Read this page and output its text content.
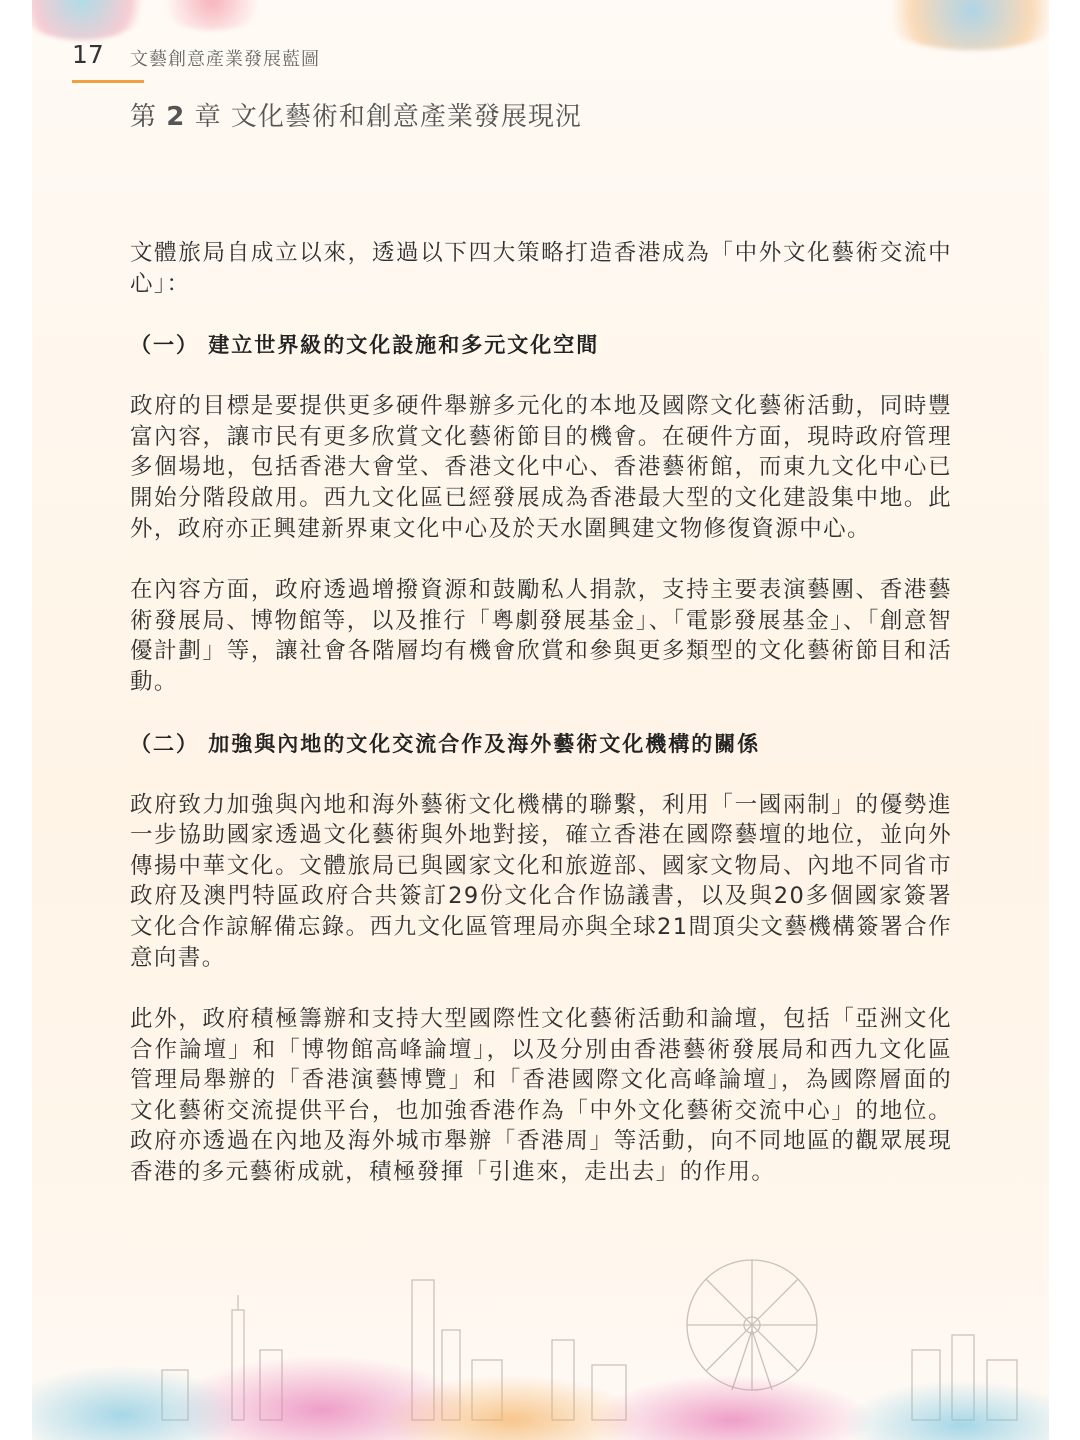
17 文藝創意產業發展藍圖
第 2 章 文化藝術和創意產業發展現況

文體旅局自成立以來，透過以下四大策略打造香港成為「中外文化藝術交流中心」：

（一） 建立世界級的文化設施和多元文化空間

政府的目標是要提供更多硬件舉辦多元化的本地及國際文化藝術活動，同時豐富內容，讓市民有更多欣賞文化藝術節目的機會。在硬件方面，現時政府管理多個場地，包括香港大會堂、香港文化中心、香港藝術館，而東九文化中心已開始分階段啟用。西九文化區已經發展成為香港最大型的文化建設集中地。此外，政府亦正興建新界東文化中心及於天水圍興建文物修復資源中心。

在內容方面，政府透過增撥資源和鼓勵私人捐款，支持主要表演藝團、香港藝術發展局、博物館等，以及推行「粵劇發展基金」、「電影發展基金」、「創意智優計劃」等，讓社會各階層均有機會欣賞和參與更多類型的文化藝術節目和活動。

（二） 加強與內地的文化交流合作及海外藝術文化機構的關係

政府致力加強與內地和海外藝術文化機構的聯繫，利用「一國兩制」的優勢進一步協助國家透過文化藝術與外地對接，確立香港在國際藝壇的地位，並向外傳揚中華文化。文體旅局已與國家文化和旅遊部、國家文物局、內地不同省市政府及澳門特區政府合共簽訂29份文化合作協議書，以及與20多個國家簽署文化合作諒解備忘錄。西九文化區管理局亦與全球21間頂尖文藝機構簽署合作意向書。

此外，政府積極籌辦和支持大型國際性文化藝術活動和論壇，包括「亞洲文化合作論壇」和「博物館高峰論壇」，以及分別由香港藝術發展局和西九文化區管理局舉辦的「香港演藝博覽」和「香港國際文化高峰論壇」，為國際層面的文化藝術交流提供平台，也加強香港作為「中外文化藝術交流中心」的地位。政府亦透過在內地及海外城市舉辦「香港周」等活動，向不同地區的觀眾展現香港的多元藝術成就，積極發揮「引進來，走出去」的作用。
